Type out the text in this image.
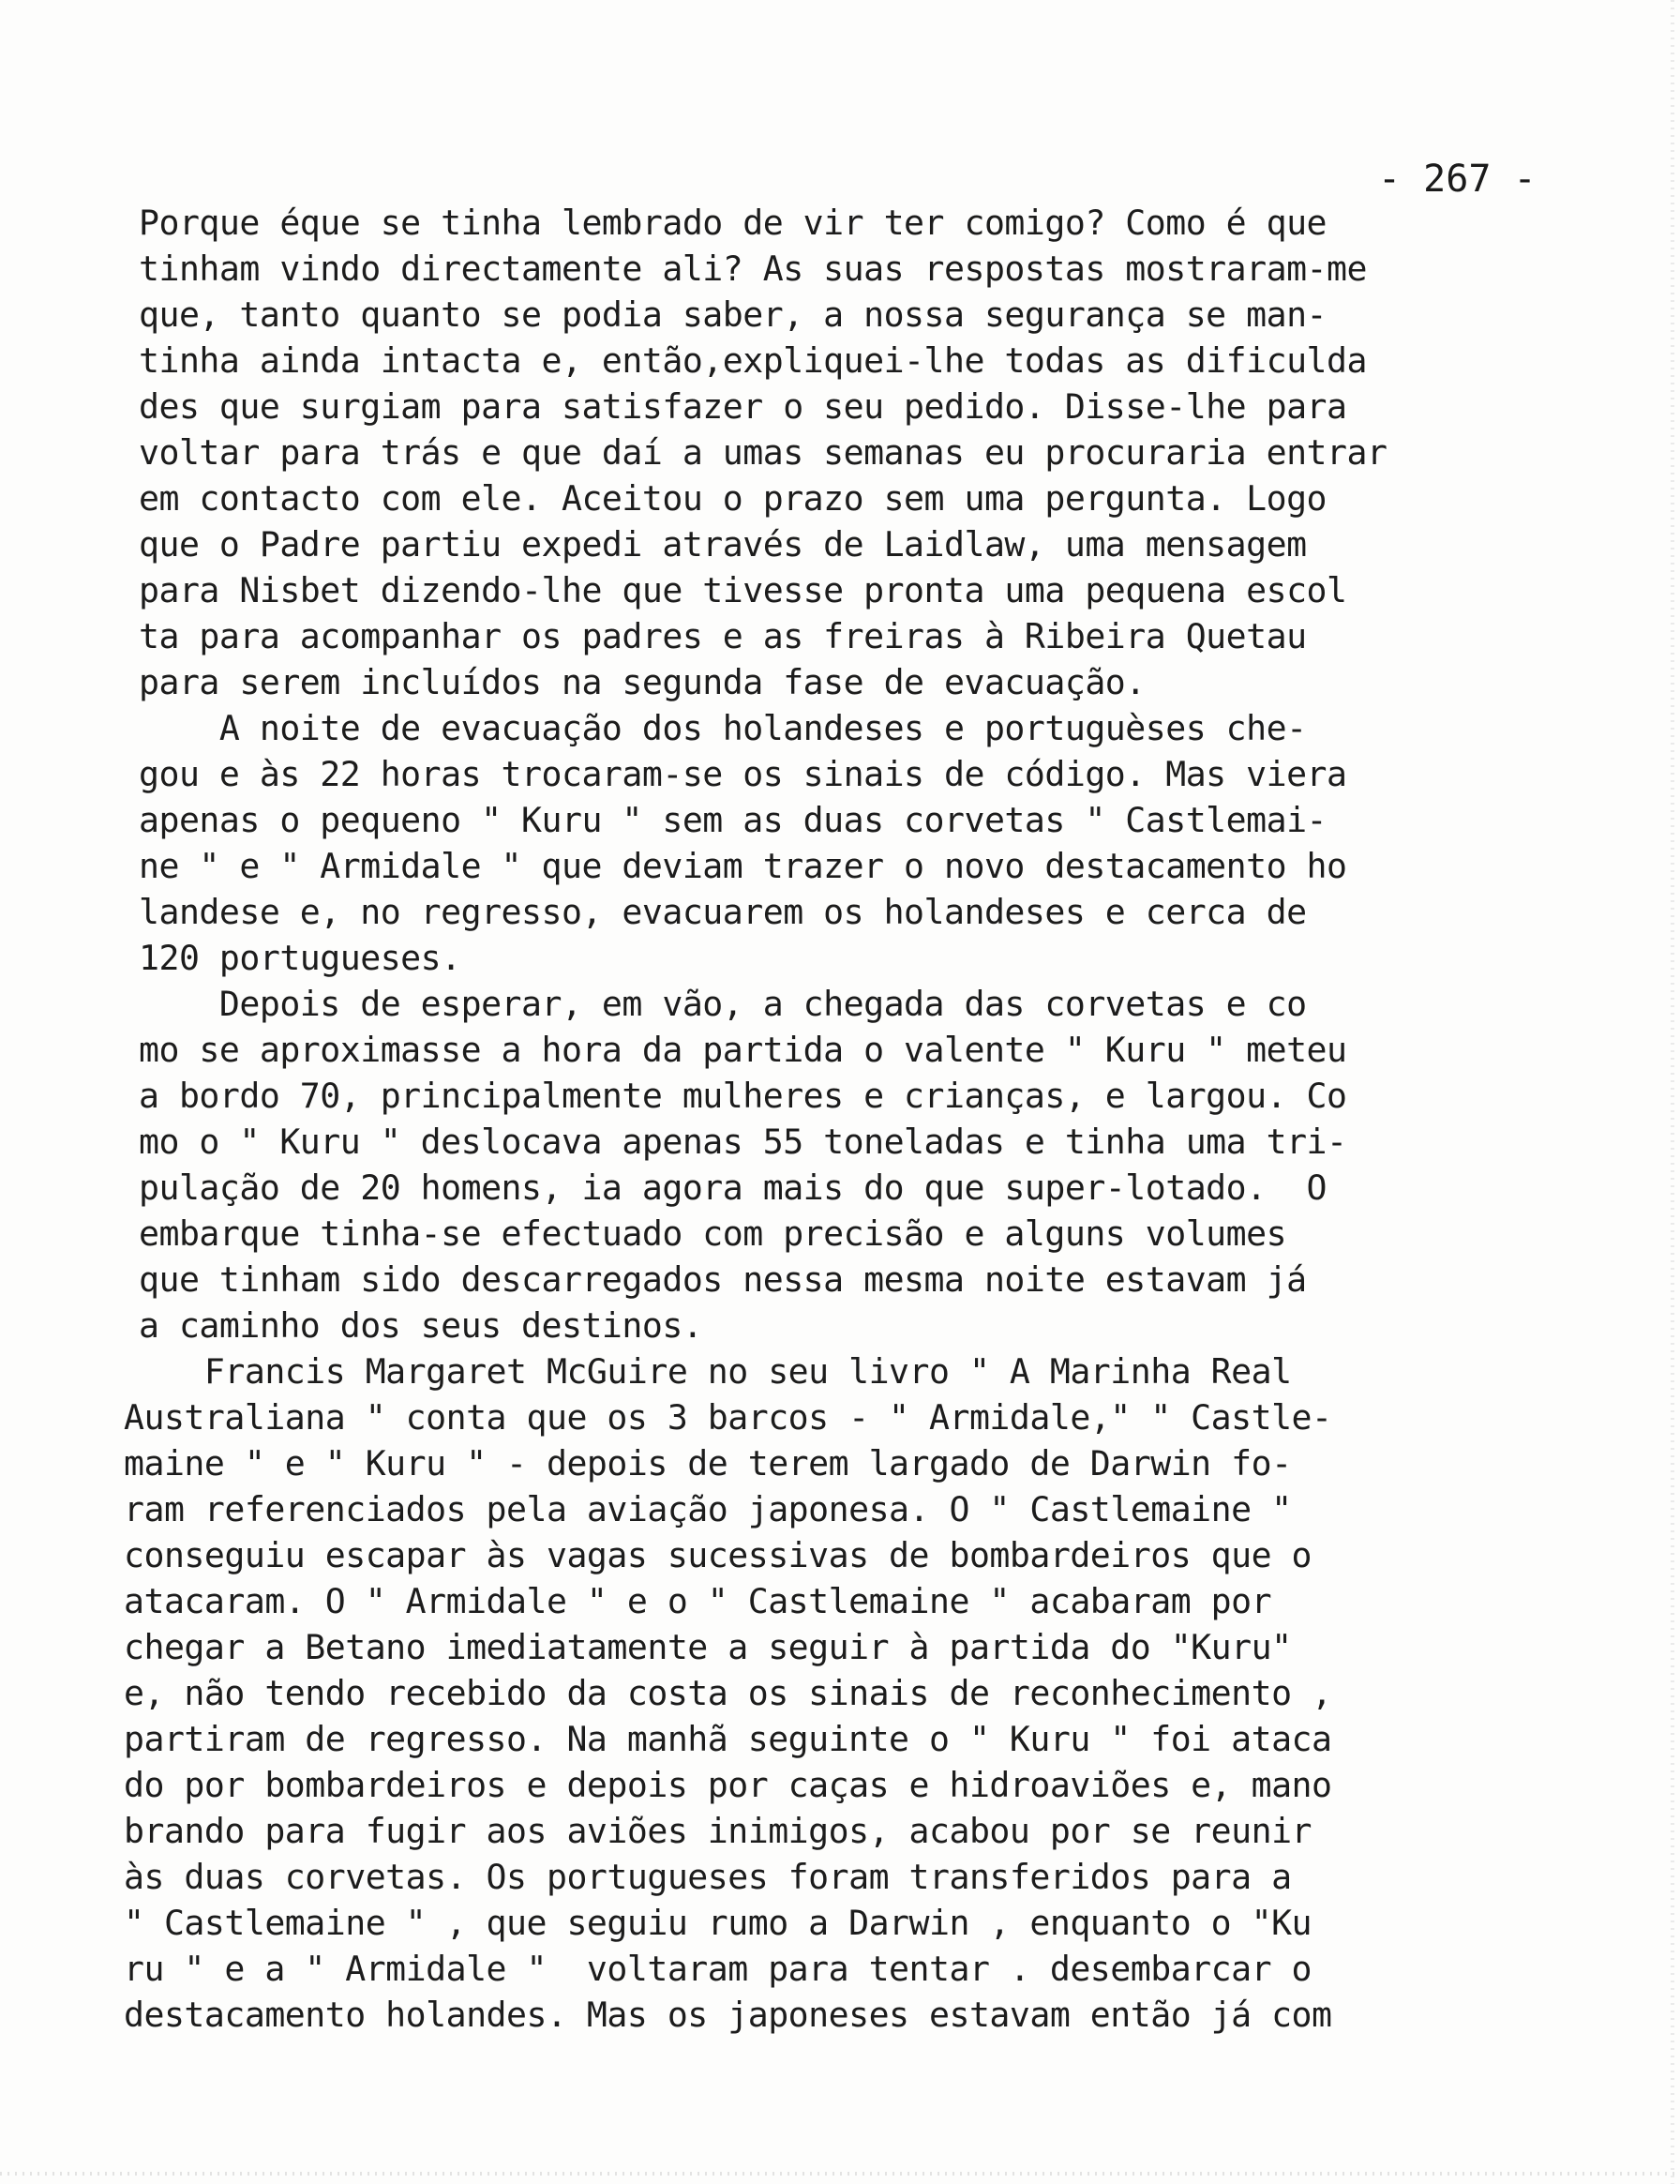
- 267 -
Porque éque se tinha lembrado de vir ter comigo? Como é que
tinham vindo directamente ali? As suas respostas mostraram-me
que, tanto quanto se podia saber, a nossa segurança se man-
tinha ainda intacta e, então,expliquei-lhe todas as dificulda
des que surgiam para satisfazer o seu pedido. Disse-lhe para
voltar para trás e que daí a umas semanas eu procuraria entrar
em contacto com ele. Aceitou o prazo sem uma pergunta. Logo
que o Padre partiu expedi através de Laidlaw, uma mensagem
para Nisbet dizendo-lhe que tivesse pronta uma pequena escol
ta para acompanhar os padres e as freiras à Ribeira Quetau
para serem incluídos na segunda fase de evacuação.
A noite de evacuação dos holandeses e portuguèses che-
gou e às 22 horas trocaram-se os sinais de código. Mas viera
apenas o pequeno " Kuru " sem as duas corvetas " Castlemai-
ne " e " Armidale " que deviam trazer o novo destacamento ho
landese e, no regresso, evacuarem os holandeses e cerca de
120 portugueses.
Depois de esperar, em vão, a chegada das corvetas e co
mo se aproximasse a hora da partida o valente " Kuru " meteu
a bordo 70, principalmente mulheres e crianças, e largou. Co
mo o " Kuru " deslocava apenas 55 toneladas e tinha uma tri-
pulação de 20 homens, ia agora mais do que super-lotado.  O
embarque tinha-se efectuado com precisão e alguns volumes
que tinham sido descarregados nessa mesma noite estavam já
a caminho dos seus destinos.
Francis Margaret McGuire no seu livro " A Marinha Real
Australiana " conta que os 3 barcos - " Armidale," " Castle-
maine " e " Kuru " - depois de terem largado de Darwin fo-
ram referenciados pela aviação japonesa. O " Castlemaine "
conseguiu escapar às vagas sucessivas de bombardeiros que o
atacaram. O " Armidale " e o " Castlemaine " acabaram por
chegar a Betano imediatamente a seguir à partida do "Kuru"
e, não tendo recebido da costa os sinais de reconhecimento ,
partiram de regresso. Na manhã seguinte o " Kuru " foi ataca
do por bombardeiros e depois por caças e hidroaviões e, mano
brando para fugir aos aviões inimigos, acabou por se reunir
às duas corvetas. Os portugueses foram transferidos para a
" Castlemaine " , que seguiu rumo a Darwin , enquanto o "Ku
ru " e a " Armidale "  voltaram para tentar . desembarcar o
destacamento holandes. Mas os japoneses estavam então já com
